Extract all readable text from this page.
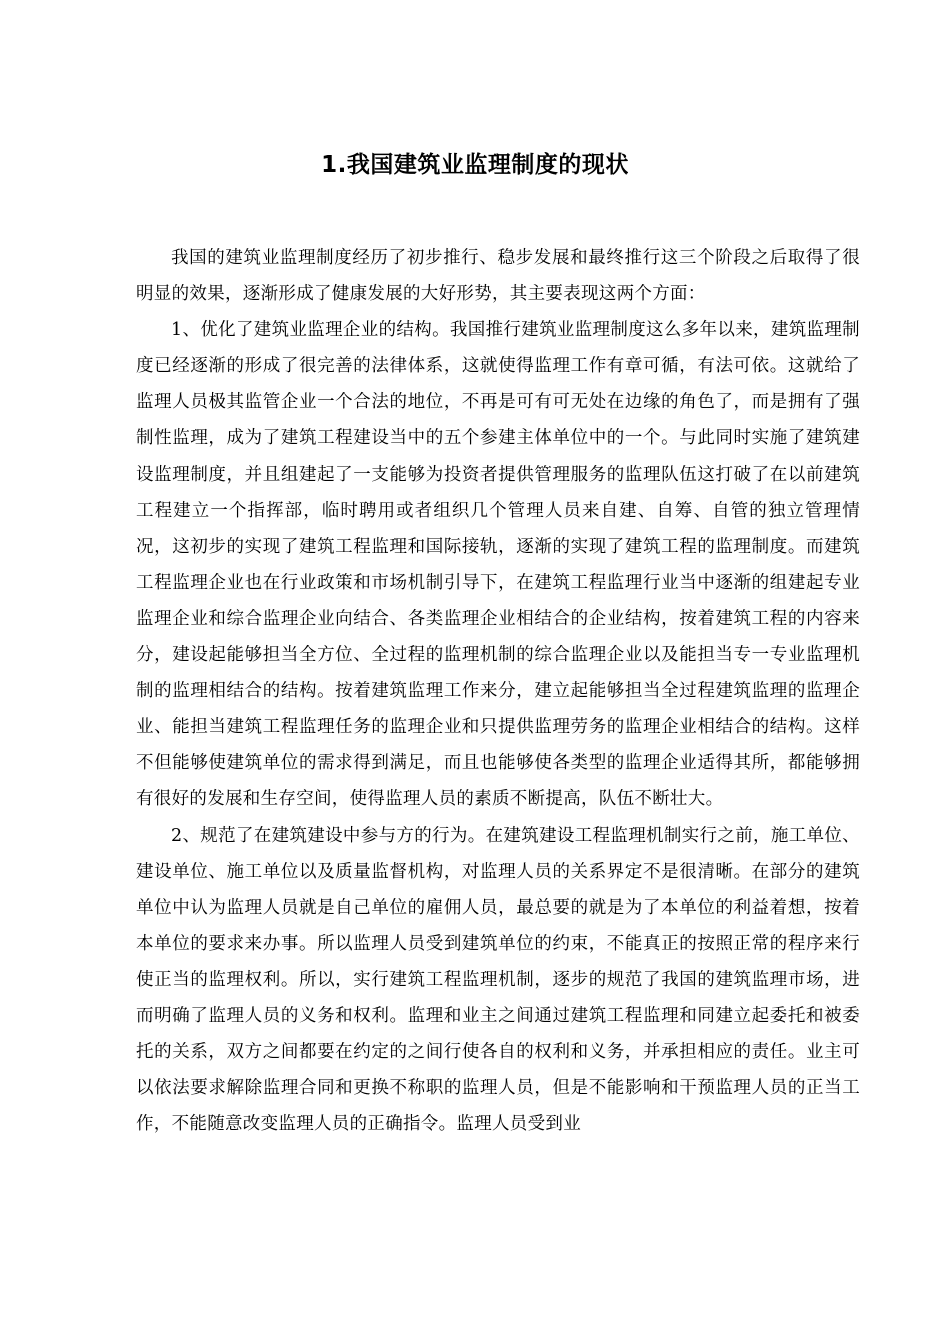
1.我国建筑业监理制度的现状

我国的建筑业监理制度经历了初步推行、稳步发展和最终推行这三个阶段之后取得了很明显的效果，逐渐形成了健康发展的大好形势，其主要表现这两个方面：

1、优化了建筑业监理企业的结构。我国推行建筑业监理制度这么多年以来，建筑监理制度已经逐渐的形成了很完善的法律体系，这就使得监理工作有章可循，有法可依。这就给了监理人员极其监管企业一个合法的地位，不再是可有可无处在边缘的角色了，而是拥有了强制性监理，成为了建筑工程建设当中的五个参建主体单位中的一个。与此同时实施了建筑建设监理制度，并且组建起了一支能够为投资者提供管理服务的监理队伍这打破了在以前建筑工程建立一个指挥部，临时聘用或者组织几个管理人员来自建、自筹、自管的独立管理情况，这初步的实现了建筑工程监理和国际接轨，逐渐的实现了建筑工程的监理制度。而建筑工程监理企业也在行业政策和市场机制引导下，在建筑工程监理行业当中逐渐的组建起专业监理企业和综合监理企业向结合、各类监理企业相结合的企业结构，按着建筑工程的内容来分，建设起能够担当全方位、全过程的监理机制的综合监理企业以及能担当专一专业监理机制的监理相结合的结构。按着建筑监理工作来分，建立起能够担当全过程建筑监理的监理企业、能担当建筑工程监理任务的监理企业和只提供监理劳务的监理企业相结合的结构。这样不但能够使建筑单位的需求得到满足，而且也能够使各类型的监理企业适得其所，都能够拥有很好的发展和生存空间，使得监理人员的素质不断提高，队伍不断壮大。

2、规范了在建筑建设中参与方的行为。在建筑建设工程监理机制实行之前，施工单位、建设单位、施工单位以及质量监督机构，对监理人员的关系界定不是很清晰。在部分的建筑单位中认为监理人员就是自己单位的雇佣人员，最总要的就是为了本单位的利益着想，按着本单位的要求来办事。所以监理人员受到建筑单位的约束，不能真正的按照正常的程序来行使正当的监理权利。所以，实行建筑工程监理机制，逐步的规范了我国的建筑监理市场，进而明确了监理人员的义务和权利。监理和业主之间通过建筑工程监理和同建立起委托和被委托的关系，双方之间都要在约定的之间行使各自的权利和义务，并承担相应的责任。业主可以依法要求解除监理合同和更换不称职的监理人员，但是不能影响和干预监理人员的正当工作，不能随意改变监理人员的正确指令。监理人员受到业
